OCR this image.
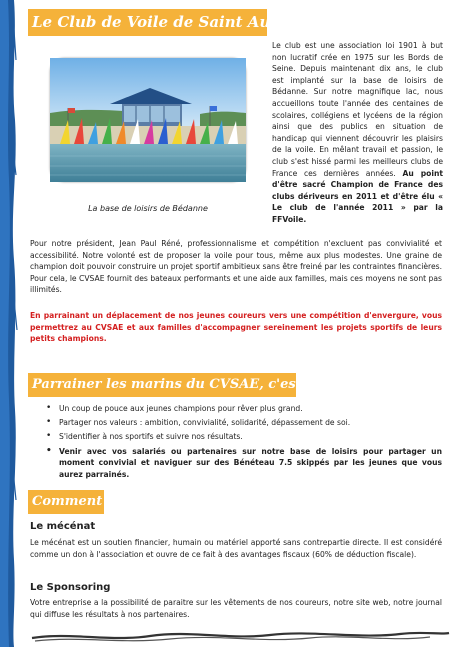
Le Club de Voile de Saint Aubin Elbeuf
La base de loisirs de Bédanne
Le club est une association loi 1901 à but non lucratif crée en 1975 sur les Bords de Seine. Depuis maintenant dix ans, le club est implanté sur la base de loisirs de Bédanne. Sur notre magnifique lac, nous accueillons toute l'année des centaines de scolaires, collégiens et lycéens de la région ainsi que des publics en situation de handicap qui viennent découvrir les plaisirs de la voile. En mêlant travail et passion, le club s'est hissé parmi les meilleurs clubs de France ces dernières années. Au point d'être sacré Champion de France des clubs dériveurs en 2011 et d'être élu « Le club de l'année 2011 » par la FFVoile.
Pour notre président, Jean Paul Réné, professionnalisme et compétition n'excluent pas convivialité et accessibilité. Notre volonté est de proposer la voile pour tous, même aux plus modestes. Une graine de champion doit pouvoir construire un projet sportif ambitieux sans être freiné par les contraintes financières. Pour cela, le CVSAE fournit des bateaux performants et une aide aux familles, mais ces moyens ne sont pas illimités.
En parrainant un déplacement de nos jeunes coureurs vers une compétition d'envergure, vous permettrez au CVSAE et aux familles d'accompagner sereinement les projets sportifs de leurs petits champions.
Parrainer les marins du CVSAE, c'est :
• Un coup de pouce aux jeunes champions pour rêver plus grand.
• Partager nos valeurs : ambition, convivialité, solidarité, dépassement de soi.
• S'identifier à nos sportifs et suivre nos résultats.
• Venir avec vos salariés ou partenaires sur notre base de loisirs pour partager un moment convivial et naviguer sur des Bénéteau 7.5 skippés par les jeunes que vous aurez parrainés.
Comment ?
Le mécénat
Le mécénat est un soutien financier, humain ou matériel apporté sans contrepartie directe. Il est considéré comme un don à l'association et ouvre de ce fait à des avantages fiscaux (60% de déduction fiscale).
Le Sponsoring
Votre entreprise a la possibilité de paraitre sur les vêtements de nos coureurs, notre site web, notre journal qui diffuse les résultats à nos partenaires.
